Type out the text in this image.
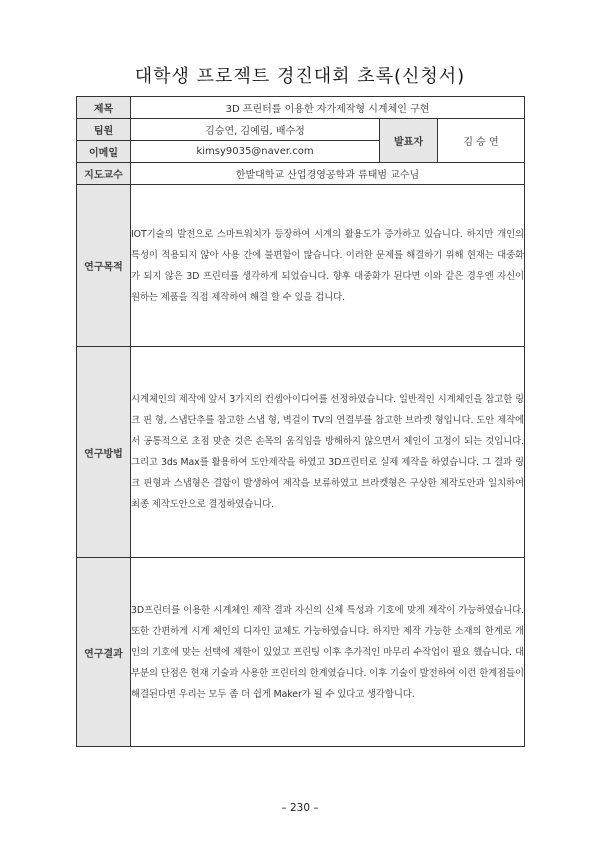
대학생 프로젝트 경진대회 초록(신청서)
제목	3D 프린터를 이용한 자가제작형 시계체인 구현		
팀원	김승연, 김예림, 배수정	발표자	김 승 연
이메일	kimsy9035@naver.com		
지도교수	한밭대학교 산업경영공학과 류태범 교수님		
연구목적	IOT기술의 발전으로 스마트워치가 등장하여 시계의 활용도가 증가하고 있습니다. 하지만 개인의 특성이 적용되지 않아 사용 간에 불편함이 많습니다. 이러한 문제를 해결하기 위해 현재는 대중화가 되지 않은 3D 프린터를 생각하게 되었습니다. 향후 대중화가 된다면 이와 같은 경우엔 자신이 원하는 제품을 직접 제작하여 해결 할 수 있을 겁니다.		

연구방법	시계체인의 제작에 앞서 3가지의 컨셉아이디어를 선정하였습니다. 일반적인 시계체인을 참고한 링크 핀 형, 스냅단추를 참고한 스냅 형, 벽걸이 TV의 연결부를 참고한 브라켓 형입니다. 도안 제작에서 공통적으로 초점 맞춘 것은 손목의 움직임을 방해하지 않으면서 체인이 고정이 되는 것입니다. 그리고 3ds Max를 활용하여 도안제작을 하였고 3D프린터로 실제 제작을 하였습니다. 그 결과 링크 핀형과 스냅형은 결함이 발생하여 제작을 보류하였고 브라켓형은 구상한 제작도안과 일치하여 최종 제작도안으로 결정하였습니다.		

연구결과	3D프린터를 이용한 시계체인 제작 결과 자신의 신체 특성과 기호에 맞게 제작이 가능하였습니다. 또한 간편하게 시계 체인의 디자인 교체도 가능하였습니다. 하지만 제작 가능한 소재의 한계로 개인의 기호에 맞는 선택에 제한이 있었고 프린팅 이후 추가적인 마무리 수작업이 필요 했습니다. 대부분의 단점은 현재 기술과 사용한 프린터의 한계였습니다. 이후 기술이 발전하여 이런 한계점들이 해결된다면 우리는 모두 좀 더 쉽게 Maker가 될 수 있다고 생각합니다.		
– 230 –
